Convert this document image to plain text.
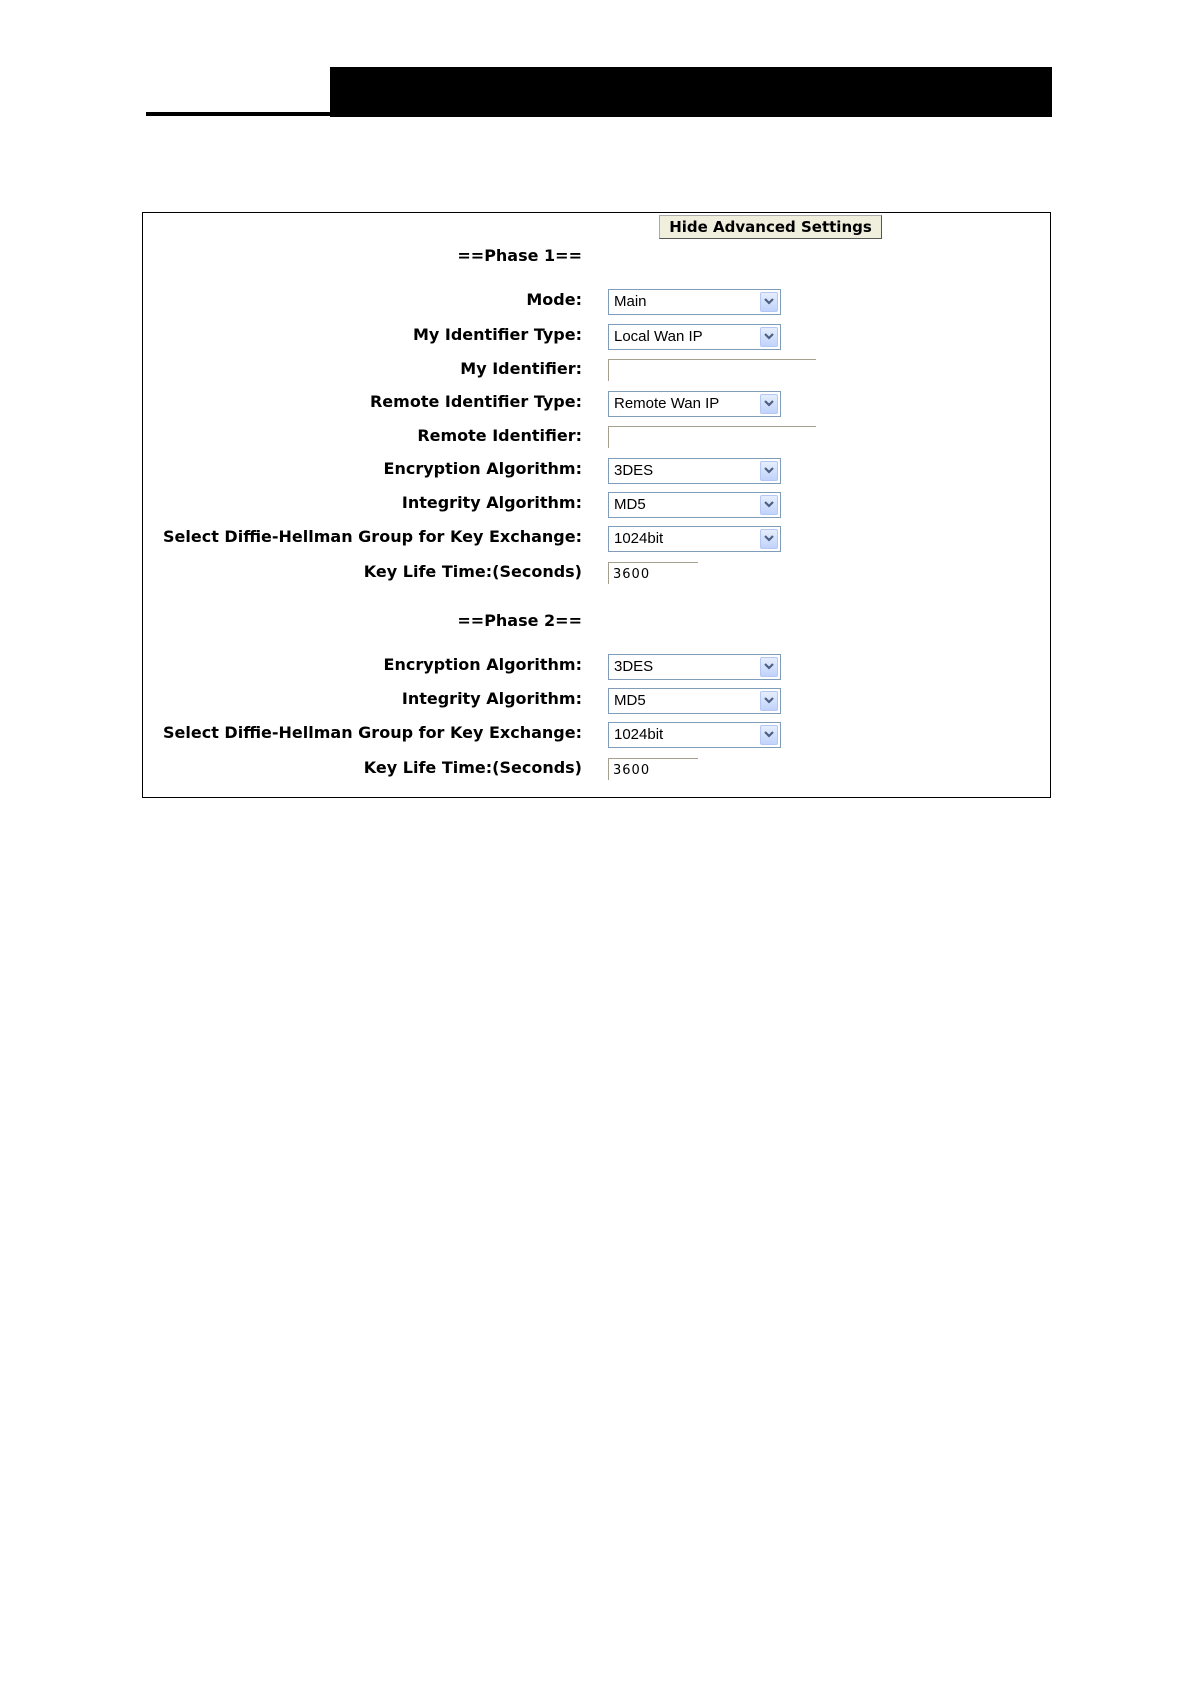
Hide Advanced Settings
==Phase 1==
Mode: Main
My Identifier Type: Local Wan IP
My Identifier:
Remote Identifier Type: Remote Wan IP
Remote Identifier:
Encryption Algorithm: 3DES
Integrity Algorithm: MD5
Select Diffie-Hellman Group for Key Exchange: 1024bit
Key Life Time:(Seconds) 3600
==Phase 2==
Encryption Algorithm: 3DES
Integrity Algorithm: MD5
Select Diffie-Hellman Group for Key Exchange: 1024bit
Key Life Time:(Seconds) 3600
